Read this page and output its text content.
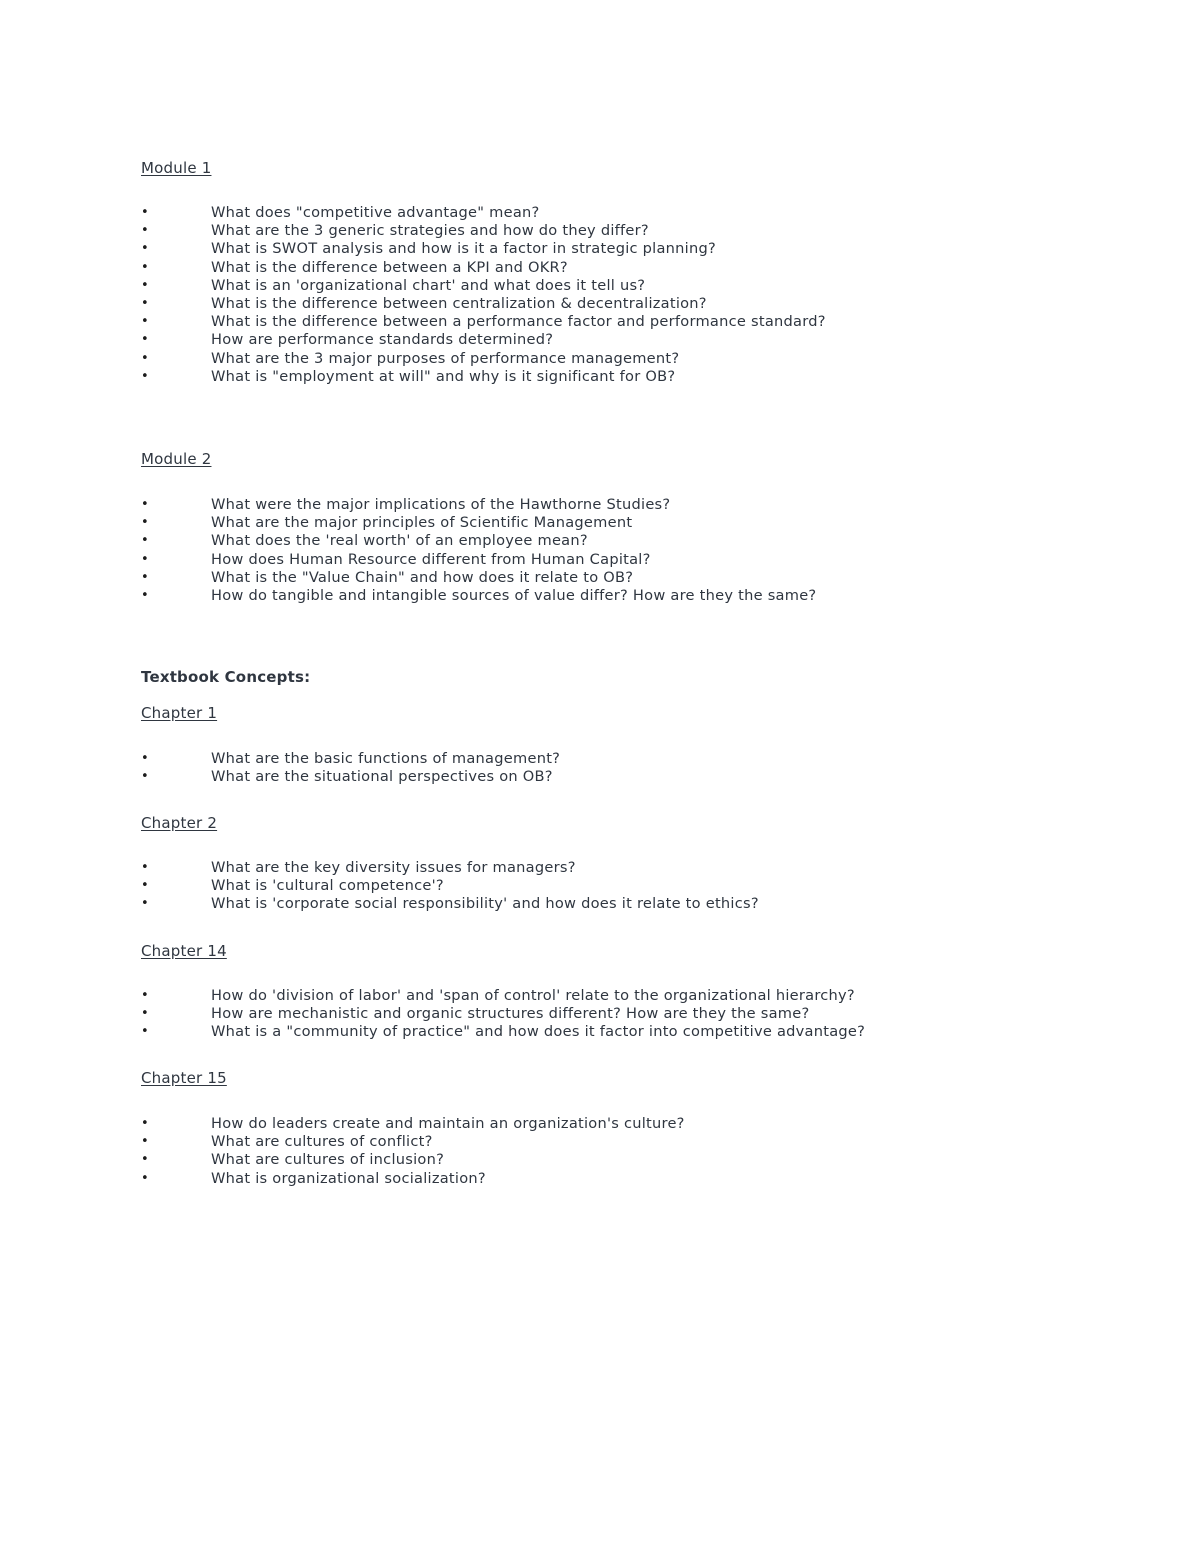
Module 1

•	What does "competitive advantage" mean?
•	What are the 3 generic strategies and how do they differ?
•	What is SWOT analysis and how is it a factor in strategic planning?
•	What is the difference between a KPI and OKR?
•	What is an 'organizational chart' and what does it tell us?
•	What is the difference between centralization & decentralization?
•	What is the difference between a performance factor and performance standard?
•	How are performance standards determined?
•	What are the 3 major purposes of performance management?
•	What is "employment at will" and why is it significant for OB?

Module 2

•	What were the major implications of the Hawthorne Studies?
•	What are the major principles of Scientific Management
•	What does the 'real worth' of an employee mean?
•	How does Human Resource different from Human Capital?
•	What is the "Value Chain" and how does it relate to OB?
•	How do tangible and intangible sources of value differ? How are they the same?

Textbook Concepts:

Chapter 1

•	What are the basic functions of management?
•	What are the situational perspectives on OB?

Chapter 2

•	What are the key diversity issues for managers?
•	What is 'cultural competence'?
•	What is 'corporate social responsibility' and how does it relate to ethics?

Chapter 14

•	How do 'division of labor' and 'span of control' relate to the organizational hierarchy?
•	How are mechanistic and organic structures different? How are they the same?
•	What is a "community of practice" and how does it factor into competitive advantage?

Chapter 15

•	How do leaders create and maintain an organization's culture?
•	What are cultures of conflict?
•	What are cultures of inclusion?
•	What is organizational socialization?
